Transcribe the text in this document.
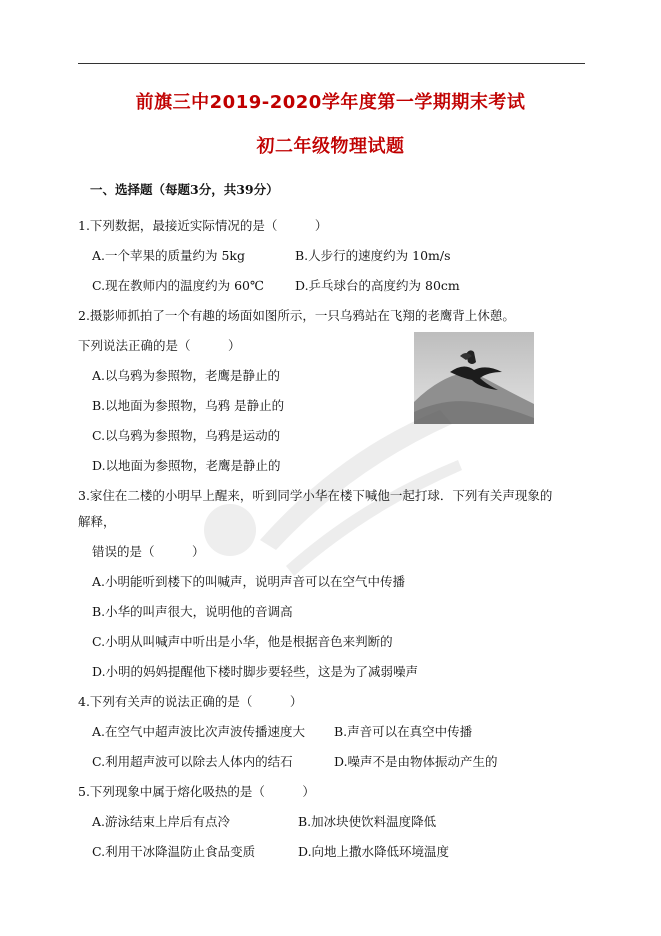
前旗三中2019-2020学年度第一学期期末考试
初二年级物理试题
一、选择题（每题3分，共39分）
1.下列数据，最接近实际情况的是（　　　）
A.一个苹果的质量约为 5kg	B.人步行的速度约为 10m/s
C.现在教师内的温度约为 60℃ D.乒乓球台的高度约为 80cm
2.摄影师抓拍了一个有趣的场面如图所示，一只乌鸦站在飞翔的老鹰背上休憩。
下列说法正确的是（　　　）
A.以乌鸦为参照物，老鹰是静止的
B.以地面为参照物，乌鸦 是静止的
C.以乌鸦为参照物，乌鸦是运动的
D.以地面为参照物，老鹰是静止的
3.家住在二楼的小明早上醒来，听到同学小华在楼下喊他一起打球．下列有关声现象的
解释，
错误的是（　　　）
A.小明能听到楼下的叫喊声，说明声音可以在空气中传播
B.小华的叫声很大，说明他的音调高
C.小明从叫喊声中听出是小华，他是根据音色来判断的
D.小明的妈妈提醒他下楼时脚步要轻些，这是为了减弱噪声
4.下列有关声的说法正确的是（　　　）
A.在空气中超声波比次声波传播速度大 B.声音可以在真空中传播
C.利用超声波可以除去人体内的结石	D.噪声不是由物体振动产生的
5.下列现象中属于熔化吸热的是（　　　）
A.游泳结束上岸后有点冷	B.加冰块使饮料温度降低
C.利用干冰降温防止食品变质	D.向地上撒水降低环境温度
